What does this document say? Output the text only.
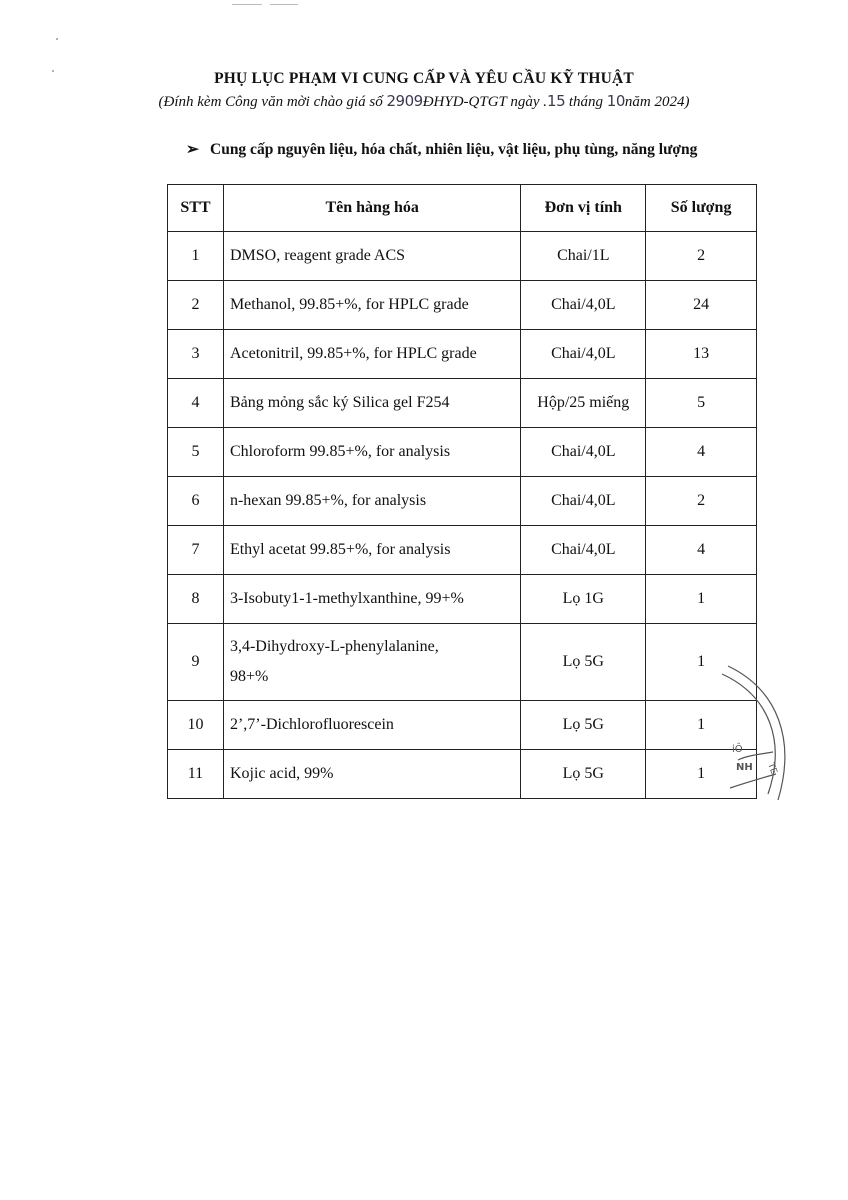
PHỤ LỤC PHẠM VI CUNG CẤP VÀ YÊU CẦU KỸ THUẬT
(Đính kèm Công văn mời chào giá số 2909ĐHYD-QTGT ngày .15 tháng 10năm 2024)
➢ Cung cấp nguyên liệu, hóa chất, nhiên liệu, vật liệu, phụ tùng, năng lượng
STT	Tên hàng hóa	Đơn vị tính	Số lượng
1	DMSO, reagent grade ACS	Chai/1L	2
2	Methanol, 99.85+%, for HPLC grade	Chai/4,0L	24
3	Acetonitril, 99.85+%, for HPLC grade	Chai/4,0L	13
4	Bảng mỏng sắc ký Silica gel F254	Hộp/25 miếng	5
5	Chloroform 99.85+%, for analysis	Chai/4,0L	4
6	n-hexan 99.85+%, for analysis	Chai/4,0L	2
7	Ethyl acetat 99.85+%, for analysis	Chai/4,0L	4
8	3-Isobuty1-1-methylxanthine, 99+%	Lọ 1G	1
9	3,4-Dihydroxy-L-phenylalanine,
98+%	Lọ 5G	1
10	2’,7’-Dichlorofluorescein	Lọ 5G	1
11	Kojic acid, 99%	Lọ 5G	1
iÔ
NH TE
